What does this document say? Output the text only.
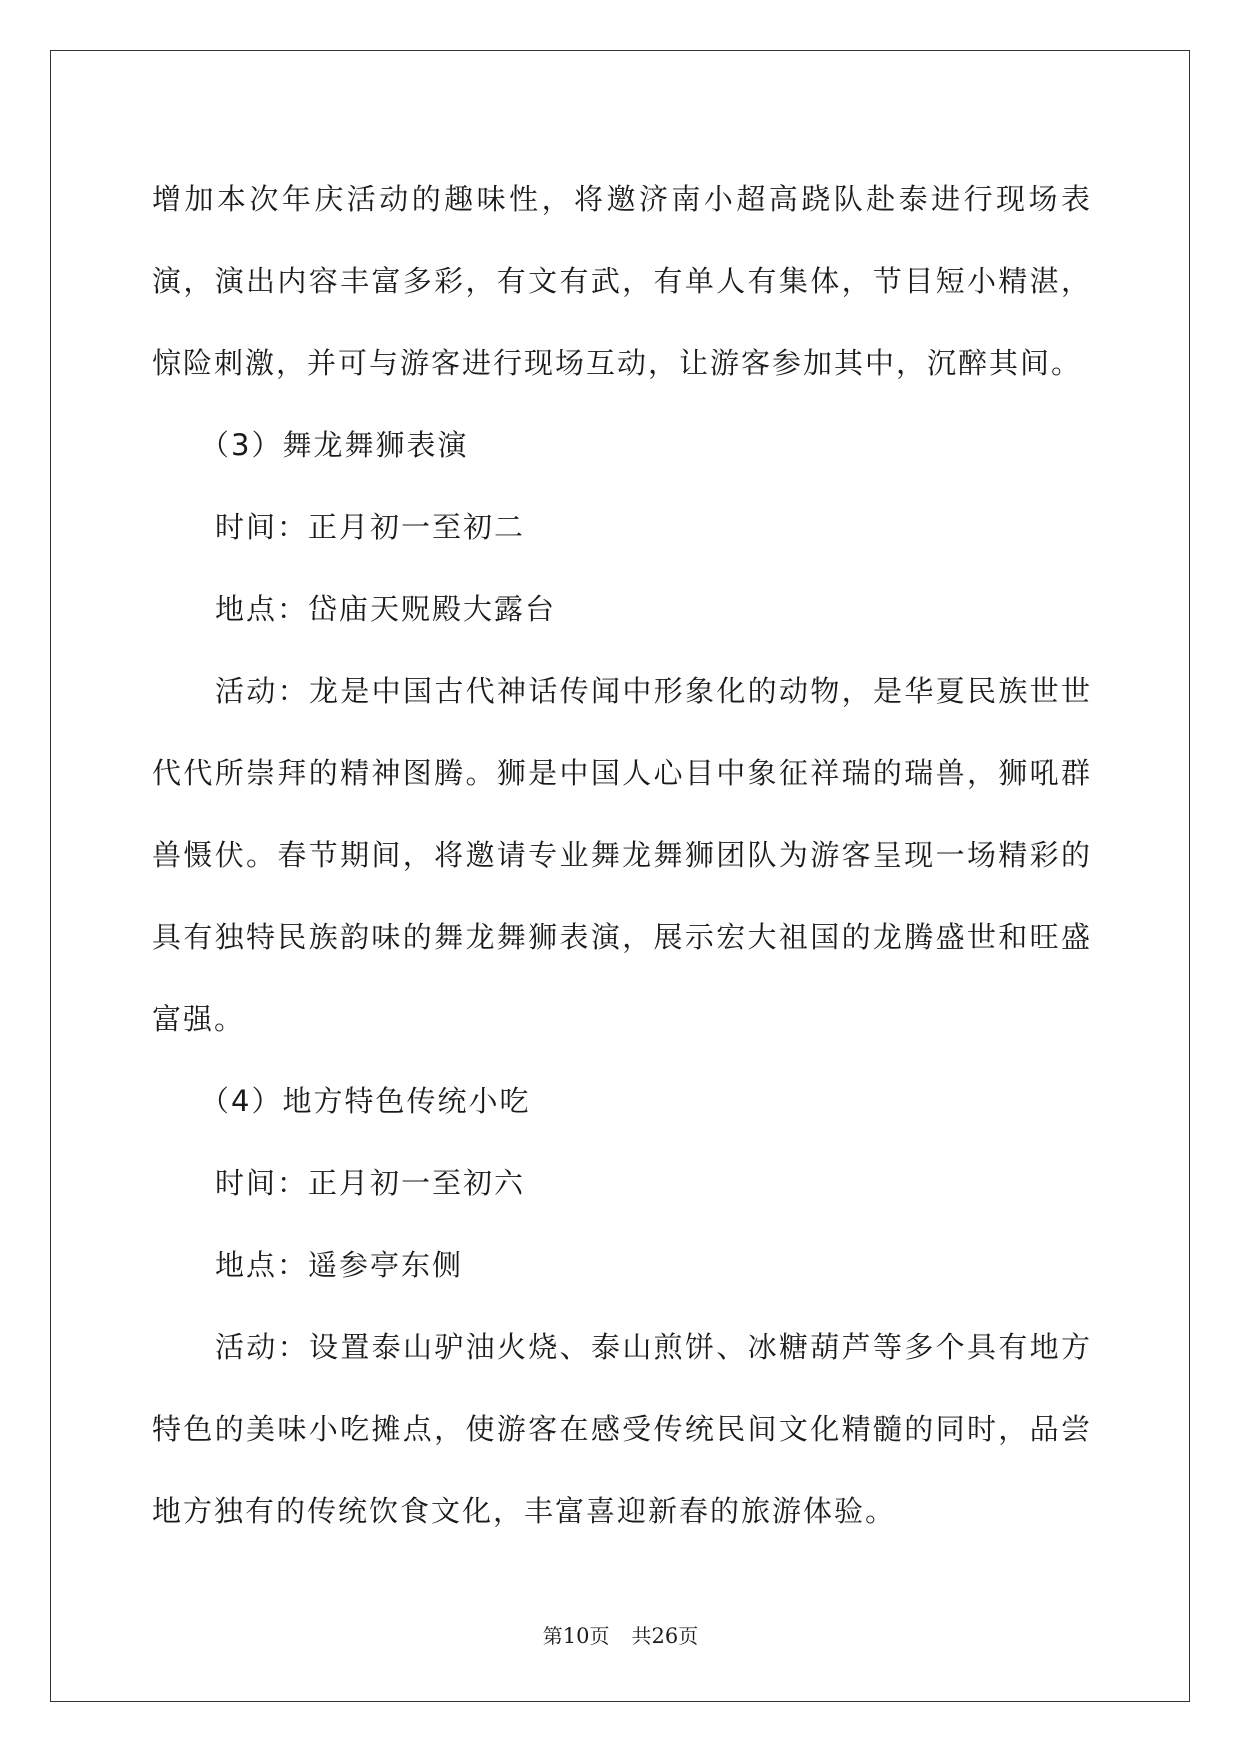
增加本次年庆活动的趣味性，将邀济南小超高跷队赴泰进行现场表演，演出内容丰富多彩，有文有武，有单人有集体，节目短小精湛，惊险刺激，并可与游客进行现场互动，让游客参加其中，沉醉其间。

（3）舞龙舞狮表演

时间：正月初一至初二

地点：岱庙天贶殿大露台

活动：龙是中国古代神话传闻中形象化的动物，是华夏民族世世代代所崇拜的精神图腾。狮是中国人心目中象征祥瑞的瑞兽，狮吼群兽慑伏。春节期间，将邀请专业舞龙舞狮团队为游客呈现一场精彩的具有独特民族韵味的舞龙舞狮表演，展示宏大祖国的龙腾盛世和旺盛富强。

（4）地方特色传统小吃

时间：正月初一至初六

地点：遥参亭东侧

活动：设置泰山驴油火烧、泰山煎饼、冰糖葫芦等多个具有地方特色的美味小吃摊点，使游客在感受传统民间文化精髓的同时，品尝地方独有的传统饮食文化，丰富喜迎新春的旅游体验。

第10页 共26页
